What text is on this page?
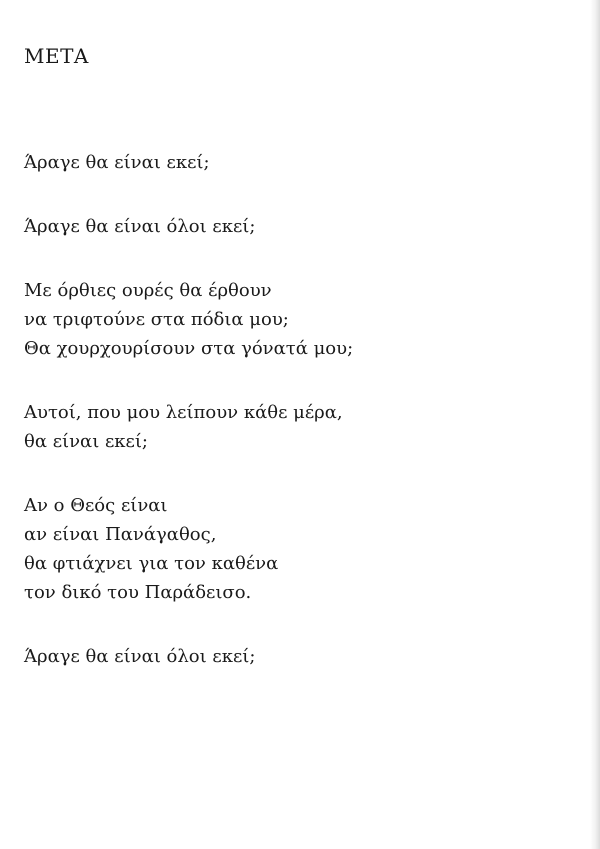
ΜΕΤΑ
Άραγε θα είναι εκεί;
Άραγε θα είναι όλοι εκεί;
Με όρθιες ουρές θα έρθουν
να τριφτούνε στα πόδια μου;
Θα χουρχουρίσουν στα γόνατά μου;
Αυτοί, που μου λείπουν κάθε μέρα,
θα είναι εκεί;
Αν ο Θεός είναι
αν είναι Πανάγαθος,
θα φτιάχνει για τον καθένα
τον δικό του Παράδεισο.
Άραγε θα είναι όλοι εκεί;
